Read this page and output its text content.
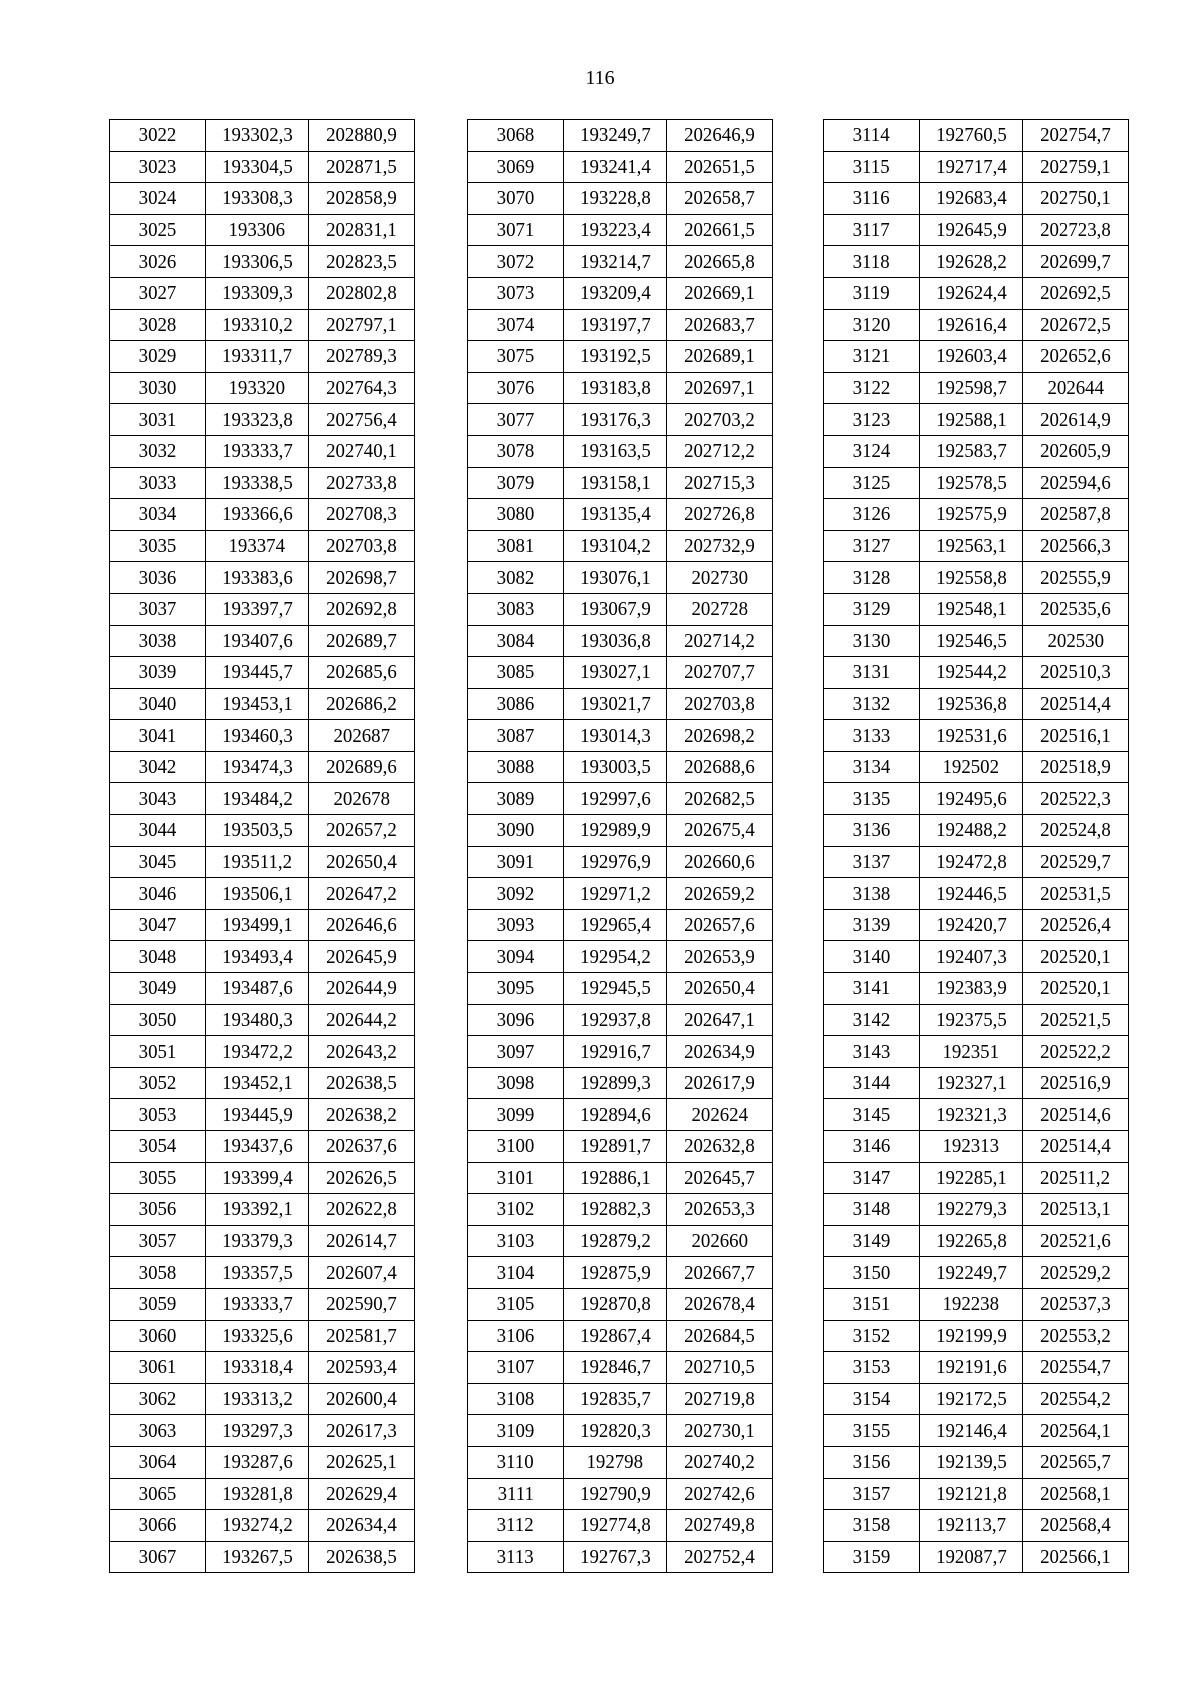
116
3022	193302,3	202880,9
3023	193304,5	202871,5
3024	193308,3	202858,9
3025	193306	202831,1
3026	193306,5	202823,5
3027	193309,3	202802,8
3028	193310,2	202797,1
3029	193311,7	202789,3
3030	193320	202764,3
3031	193323,8	202756,4
3032	193333,7	202740,1
3033	193338,5	202733,8
3034	193366,6	202708,3
3035	193374	202703,8
3036	193383,6	202698,7
3037	193397,7	202692,8
3038	193407,6	202689,7
3039	193445,7	202685,6
3040	193453,1	202686,2
3041	193460,3	202687
3042	193474,3	202689,6
3043	193484,2	202678
3044	193503,5	202657,2
3045	193511,2	202650,4
3046	193506,1	202647,2
3047	193499,1	202646,6
3048	193493,4	202645,9
3049	193487,6	202644,9
3050	193480,3	202644,2
3051	193472,2	202643,2
3052	193452,1	202638,5
3053	193445,9	202638,2
3054	193437,6	202637,6
3055	193399,4	202626,5
3056	193392,1	202622,8
3057	193379,3	202614,7
3058	193357,5	202607,4
3059	193333,7	202590,7
3060	193325,6	202581,7
3061	193318,4	202593,4
3062	193313,2	202600,4
3063	193297,3	202617,3
3064	193287,6	202625,1
3065	193281,8	202629,4
3066	193274,2	202634,4
3067	193267,5	202638,5
3068	193249,7	202646,9
3069	193241,4	202651,5
3070	193228,8	202658,7
3071	193223,4	202661,5
3072	193214,7	202665,8
3073	193209,4	202669,1
3074	193197,7	202683,7
3075	193192,5	202689,1
3076	193183,8	202697,1
3077	193176,3	202703,2
3078	193163,5	202712,2
3079	193158,1	202715,3
3080	193135,4	202726,8
3081	193104,2	202732,9
3082	193076,1	202730
3083	193067,9	202728
3084	193036,8	202714,2
3085	193027,1	202707,7
3086	193021,7	202703,8
3087	193014,3	202698,2
3088	193003,5	202688,6
3089	192997,6	202682,5
3090	192989,9	202675,4
3091	192976,9	202660,6
3092	192971,2	202659,2
3093	192965,4	202657,6
3094	192954,2	202653,9
3095	192945,5	202650,4
3096	192937,8	202647,1
3097	192916,7	202634,9
3098	192899,3	202617,9
3099	192894,6	202624
3100	192891,7	202632,8
3101	192886,1	202645,7
3102	192882,3	202653,3
3103	192879,2	202660
3104	192875,9	202667,7
3105	192870,8	202678,4
3106	192867,4	202684,5
3107	192846,7	202710,5
3108	192835,7	202719,8
3109	192820,3	202730,1
3110	192798	202740,2
3111	192790,9	202742,6
3112	192774,8	202749,8
3113	192767,3	202752,4
3114	192760,5	202754,7
3115	192717,4	202759,1
3116	192683,4	202750,1
3117	192645,9	202723,8
3118	192628,2	202699,7
3119	192624,4	202692,5
3120	192616,4	202672,5
3121	192603,4	202652,6
3122	192598,7	202644
3123	192588,1	202614,9
3124	192583,7	202605,9
3125	192578,5	202594,6
3126	192575,9	202587,8
3127	192563,1	202566,3
3128	192558,8	202555,9
3129	192548,1	202535,6
3130	192546,5	202530
3131	192544,2	202510,3
3132	192536,8	202514,4
3133	192531,6	202516,1
3134	192502	202518,9
3135	192495,6	202522,3
3136	192488,2	202524,8
3137	192472,8	202529,7
3138	192446,5	202531,5
3139	192420,7	202526,4
3140	192407,3	202520,1
3141	192383,9	202520,1
3142	192375,5	202521,5
3143	192351	202522,2
3144	192327,1	202516,9
3145	192321,3	202514,6
3146	192313	202514,4
3147	192285,1	202511,2
3148	192279,3	202513,1
3149	192265,8	202521,6
3150	192249,7	202529,2
3151	192238	202537,3
3152	192199,9	202553,2
3153	192191,6	202554,7
3154	192172,5	202554,2
3155	192146,4	202564,1
3156	192139,5	202565,7
3157	192121,8	202568,1
3158	192113,7	202568,4
3159	192087,7	202566,1
